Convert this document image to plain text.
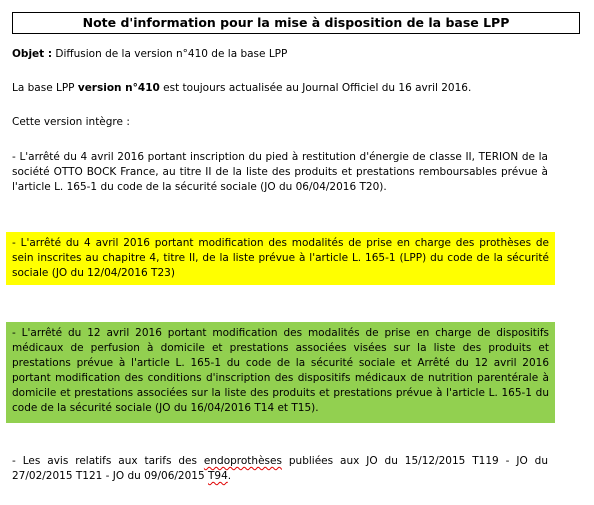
Note d'information pour la mise à disposition de la base LPP
Objet : Diffusion de la version n°410 de la base LPP
La base LPP version n°410 est toujours actualisée au Journal Officiel du 16 avril 2016.
Cette version intègre :
- L'arrêté du 4 avril 2016 portant inscription du pied à restitution d'énergie de classe II, TERION de la société OTTO BOCK France, au titre II de la liste des produits et prestations remboursables prévue à l'article L. 165-1 du code de la sécurité sociale (JO du 06/04/2016 T20).
- L'arrêté du 4 avril 2016 portant modification des modalités de prise en charge des prothèses de sein inscrites au chapitre 4, titre II, de la liste prévue à l'article L. 165-1 (LPP) du code de la sécurité sociale (JO du 12/04/2016 T23)
- L'arrêté du 12 avril 2016 portant modification des modalités de prise en charge de dispositifs médicaux de perfusion à domicile et prestations associées visées sur la liste des produits et prestations prévue à l'article L. 165-1 du code de la sécurité sociale et Arrêté du 12 avril 2016 portant modification des conditions d'inscription des dispositifs médicaux de nutrition parentérale à domicile et prestations associées sur la liste des produits et prestations prévue à l'article L. 165-1 du code de la sécurité sociale (JO du 16/04/2016 T14 et T15).
- Les avis relatifs aux tarifs des endoprothèses publiées aux JO du 15/12/2015 T119 - JO du 27/02/2015 T121 - JO du 09/06/2015 T94.
